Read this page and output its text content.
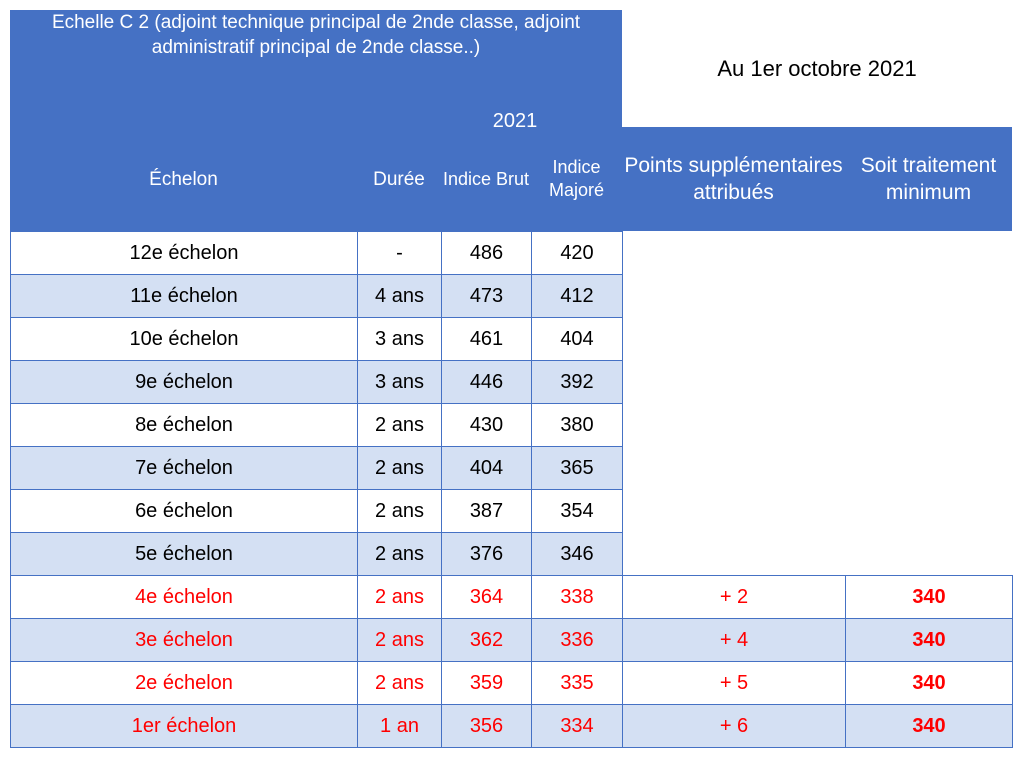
Echelle C 2 (adjoint technique principal de 2nde classe, adjoint administratif principal de 2nde classe..)				Au 1er octobre 2021	

2021
Échelon	Durée	Indice Brut	Indice Majoré	Points supplémentaires attribués	Soit traitement minimum
12e échelon	-	486	420		
11e échelon	4 ans	473	412		
10e échelon	3 ans	461	404		
9e échelon	3 ans	446	392		
8e échelon	2 ans	430	380		
7e échelon	2 ans	404	365		
6e échelon	2 ans	387	354		
5e échelon	2 ans	376	346		
4e échelon	2 ans	364	338	+ 2	340
3e échelon	2 ans	362	336	+ 4	340
2e échelon	2 ans	359	335	+ 5	340
1er échelon	1 an	356	334	+ 6	340
